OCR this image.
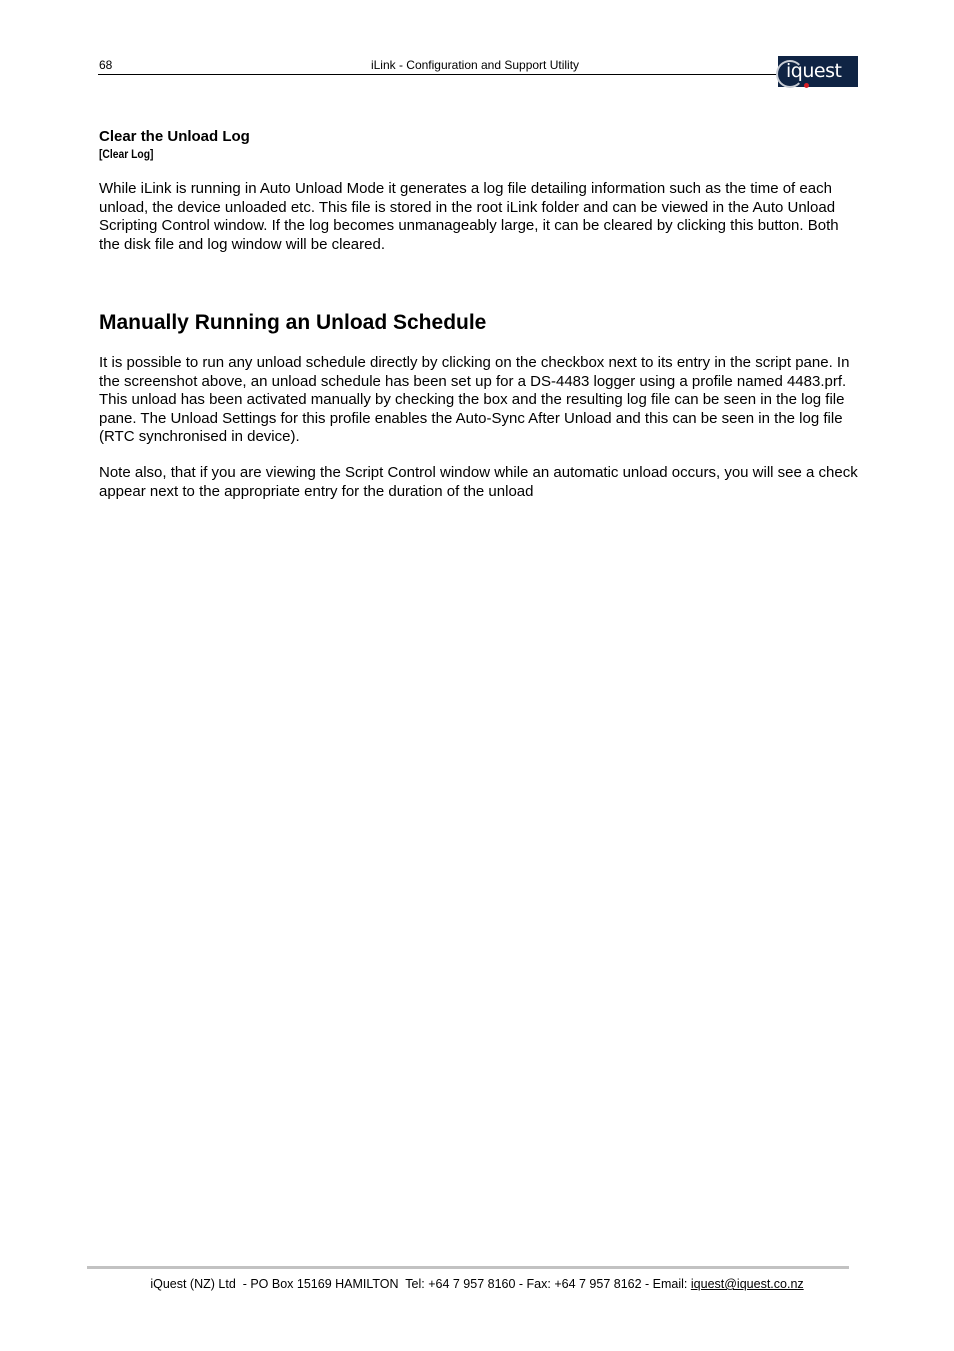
68	iLink - Configuration and Support Utility	iquest
Clear the Unload Log
[Clear Log]

While iLink is running in Auto Unload Mode it generates a log file detailing information such as the time of each unload, the device unloaded etc. This file is stored in the root iLink folder and can be viewed in the Auto Unload Scripting Control window. If the log becomes unmanageably large, it can be cleared by clicking this button. Both the disk file and log window will be cleared.

Manually Running an Unload Schedule

It is possible to run any unload schedule directly by clicking on the checkbox next to its entry in the script pane. In the screenshot above, an unload schedule has been set up for a DS-4483 logger using a profile named 4483.prf. This unload has been activated manually by checking the box and the resulting log file can be seen in the log file pane. The Unload Settings for this profile enables the Auto-Sync After Unload and this can be seen in the log file (RTC synchronised in device).

Note also, that if you are viewing the Script Control window while an automatic unload occurs, you will see a check appear next to the appropriate entry for the duration of the unload

iQuest (NZ) Ltd  - PO Box 15169 HAMILTON  Tel: +64 7 957 8160 - Fax: +64 7 957 8162 - Email: iquest@iquest.co.nz
